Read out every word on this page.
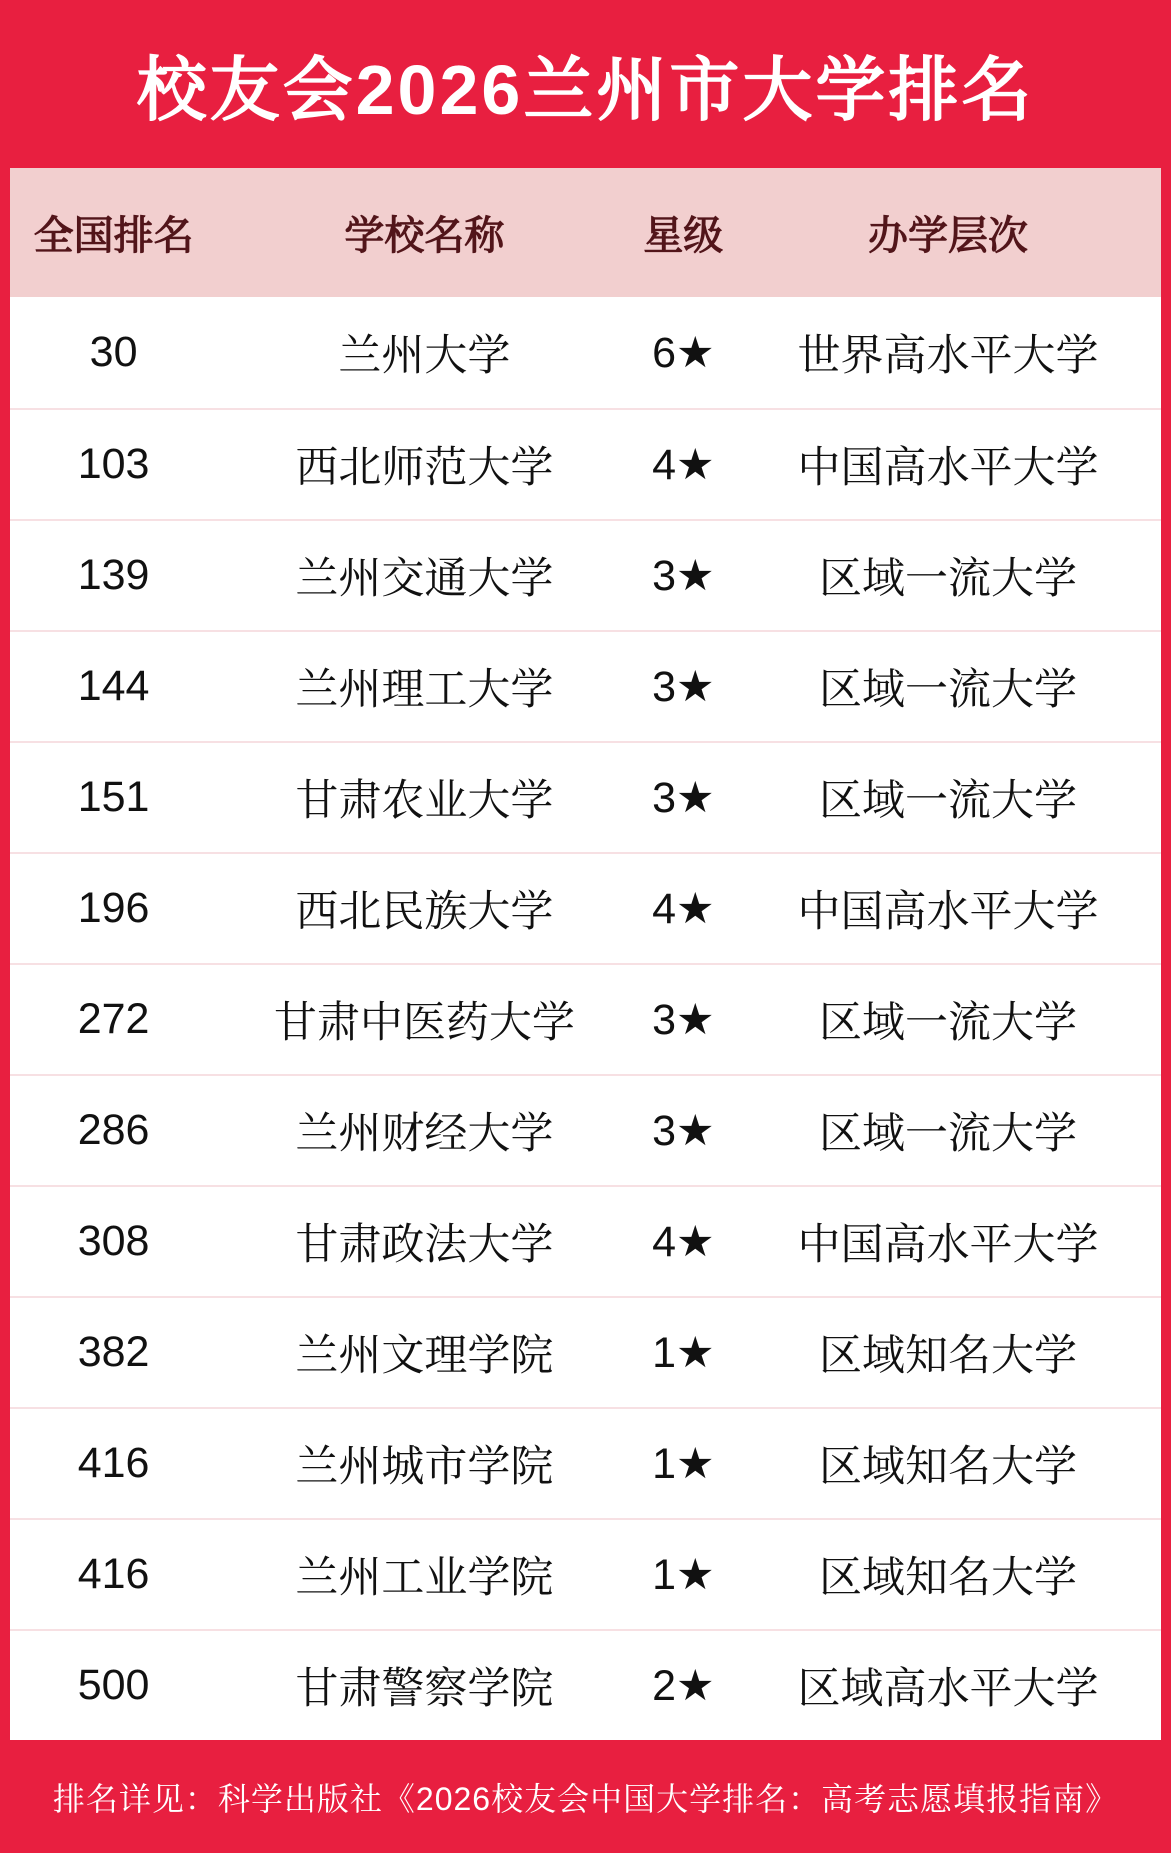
校友会2026兰州市大学排名
全国排名	学校名称	星级	办学层次
30	兰州大学	6★	世界高水平大学
103	西北师范大学	4★	中国高水平大学
139	兰州交通大学	3★	区域一流大学
144	兰州理工大学	3★	区域一流大学
151	甘肃农业大学	3★	区域一流大学
196	西北民族大学	4★	中国高水平大学
272	甘肃中医药大学	3★	区域一流大学
286	兰州财经大学	3★	区域一流大学
308	甘肃政法大学	4★	中国高水平大学
382	兰州文理学院	1★	区域知名大学
416	兰州城市学院	1★	区域知名大学
416	兰州工业学院	1★	区域知名大学
500	甘肃警察学院	2★	区域高水平大学

排名详见：科学出版社《2026校友会中国大学排名：高考志愿填报指南》
